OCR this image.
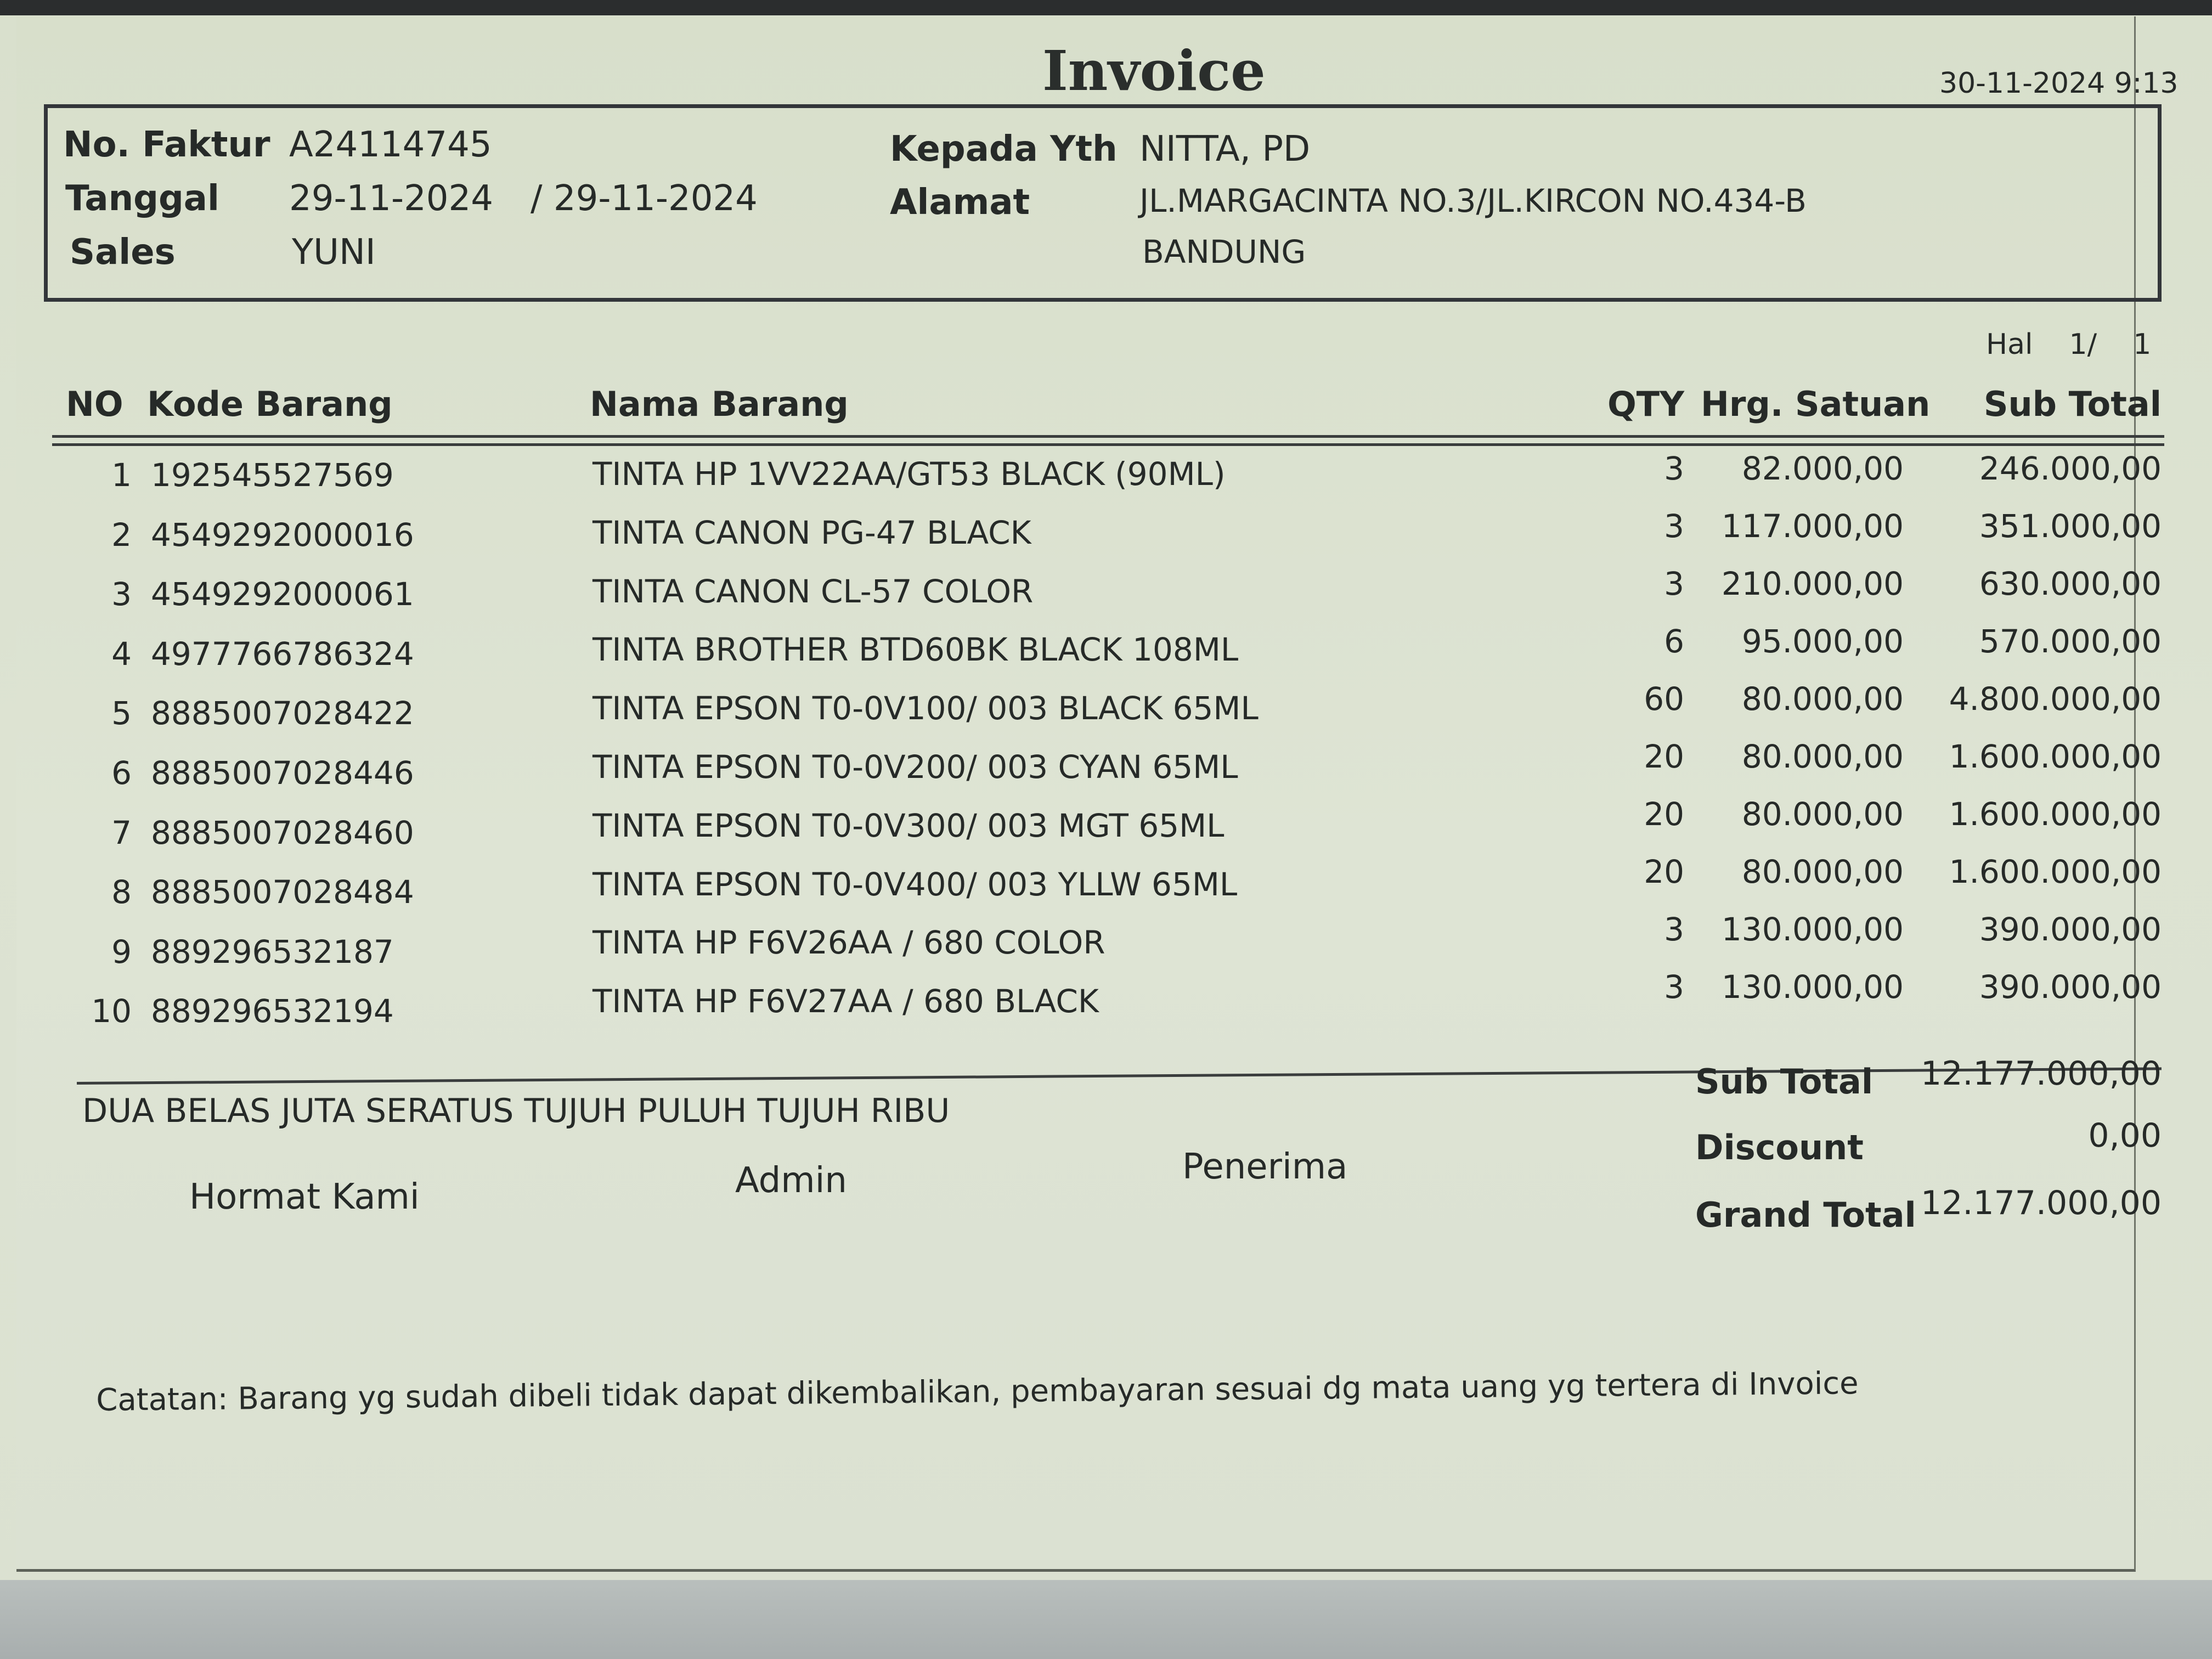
Invoice	30-11-2024 9:13
No. Faktur A24114745
Tanggal 29-11-2024 / 29-11-2024
Sales	YUNI
Kepada Yth NITTA, PD
Alamat	JL.MARGACINTA NO.3/JL.KIRCON NO.434-B
BANDUNG
Hal 1/ 1
NO Kode Barang	Nama Barang	QTY Hrg. Satuan	Sub Total
1 192545527569	TINTA HP 1VV22AA/GT53 BLACK (90ML)	3	82.000,00	246.000,00
2 4549292000016	TINTA CANON PG-47 BLACK	3	117.000,00	351.000,00
3 4549292000061	TINTA CANON CL-57 COLOR	3	210.000,00	630.000,00
4 4977766786324	TINTA BROTHER BTD60BK BLACK 108ML	6	95.000,00	570.000,00
5 8885007028422	TINTA EPSON T0-0V100/ 003 BLACK 65ML	60	80.000,00	4.800.000,00
6 8885007028446	TINTA EPSON T0-0V200/ 003 CYAN 65ML	20	80.000,00	1.600.000,00
7 8885007028460	TINTA EPSON T0-0V300/ 003 MGT 65ML	20	80.000,00	1.600.000,00
8 8885007028484	TINTA EPSON T0-0V400/ 003 YLLW 65ML	20	80.000,00	1.600.000,00
9 889296532187	TINTA HP F6V26AA / 680 COLOR	3	130.000,00	390.000,00
10 889296532194	TINTA HP F6V27AA / 680 BLACK	3	130.000,00	390.000,00
DUA BELAS JUTA SERATUS TUJUH PULUH TUJUH RIBU
Hormat Kami	Admin	Penerima
Sub Total	12.177.000,00
Discount	0,00
Grand Total 12.177.000,00
Catatan: Barang yg sudah dibeli tidak dapat dikembalikan, pembayaran sesuai dg mata uang yg tertera di Invoice
